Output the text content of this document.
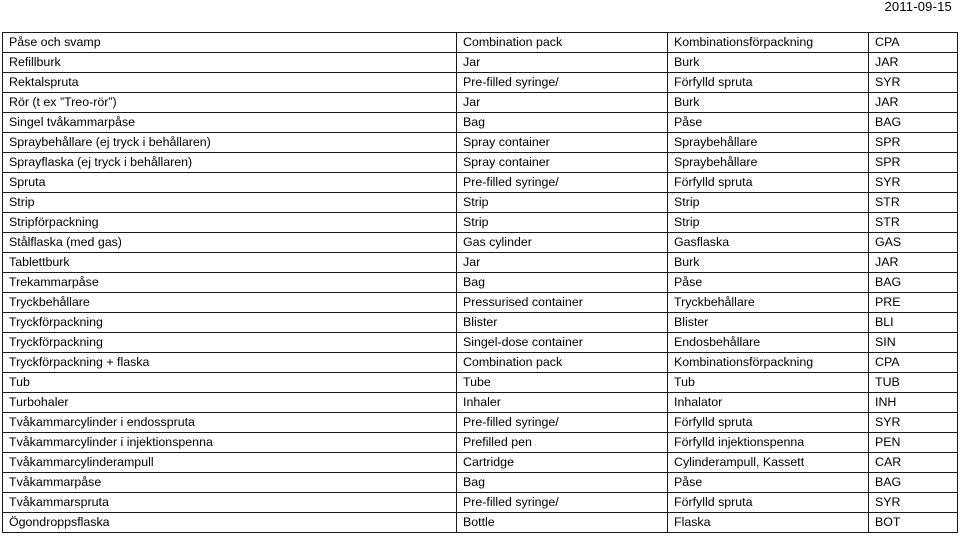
2011-09-15
Påse och svamp	Combination pack	Kombinationsförpackning	CPA
Refillburk	Jar	Burk	JAR
Rektalspruta	Pre-filled syringe/	Förfylld spruta	SYR
Rör (t ex ”Treo-rör”)	Jar	Burk	JAR
Singel tvåkammarpåse	Bag	Påse	BAG
Spraybehållare (ej tryck i behållaren)	Spray container	Spraybehållare	SPR
Sprayflaska (ej tryck i behållaren)	Spray container	Spraybehållare	SPR
Spruta	Pre-filled syringe/	Förfylld spruta	SYR
Strip	Strip	Strip	STR
Stripförpackning	Strip	Strip	STR
Stålflaska (med gas)	Gas cylinder	Gasflaska	GAS
Tablettburk	Jar	Burk	JAR
Trekammarpåse	Bag	Påse	BAG
Tryckbehållare	Pressurised container	Tryckbehållare	PRE
Tryckförpackning	Blister	Blister	BLI
Tryckförpackning	Singel-dose container	Endosbehållare	SIN
Tryckförpackning + flaska	Combination pack	Kombinationsförpackning	CPA
Tub	Tube	Tub	TUB
Turbohaler	Inhaler	Inhalator	INH
Tvåkammarcylinder i endosspruta	Pre-filled syringe/	Förfylld spruta	SYR
Tvåkammarcylinder i injektionspenna	Prefilled pen	Förfylld injektionspenna	PEN
Tvåkammarcylinderampull	Cartridge	Cylinderampull, Kassett	CAR
Tvåkammarpåse	Bag	Påse	BAG
Tvåkammarspruta	Pre-filled syringe/	Förfylld spruta	SYR
Ögondroppsflaska	Bottle	Flaska	BOT
